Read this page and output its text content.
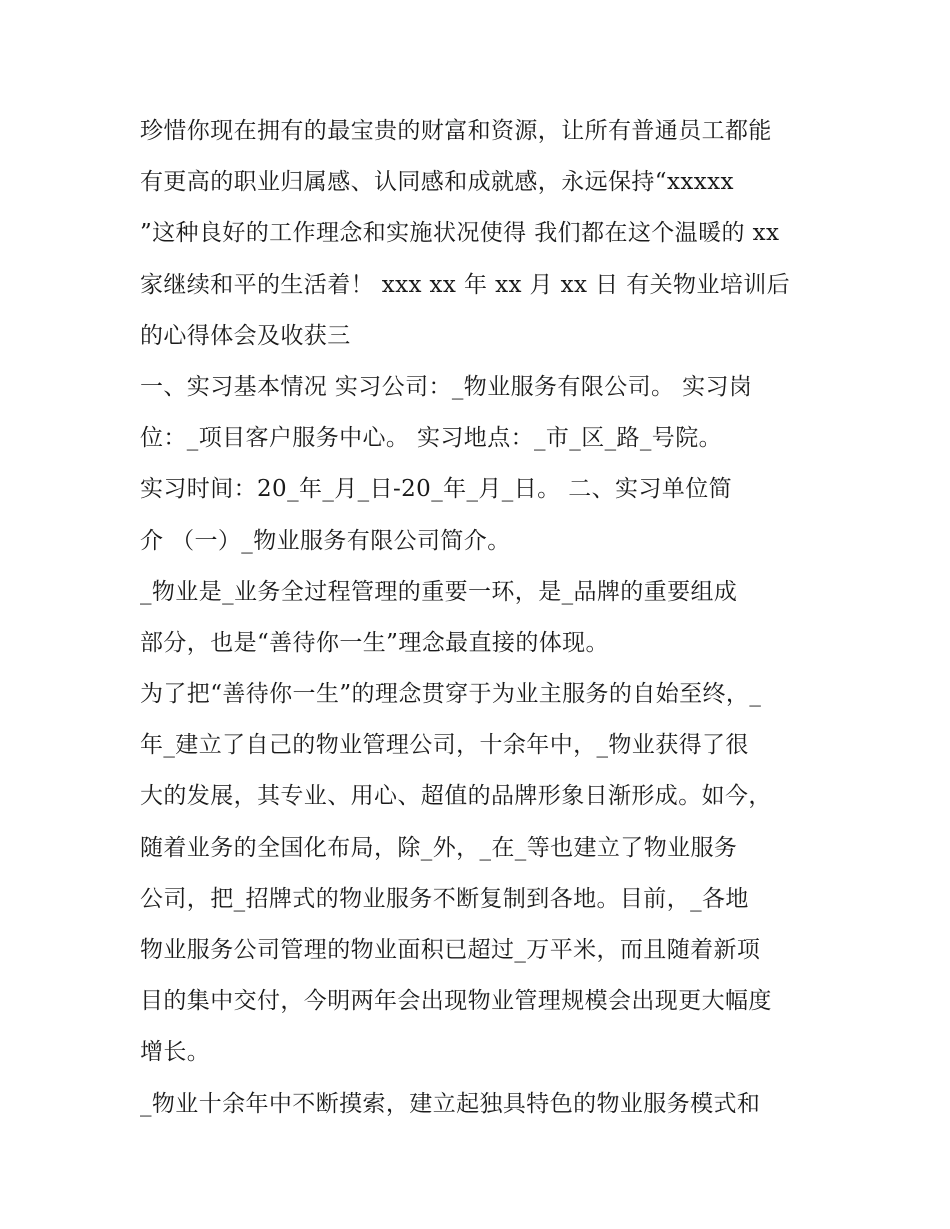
珍惜你现在拥有的最宝贵的财富和资源，让所有普通员工都能
有更高的职业归属感、认同感和成就感，永远保持“xxxxx
”这种良好的工作理念和实施状况使得 我们都在这个温暖的 xx
家继续和平的生活着！ xxx xx 年 xx 月 xx 日 有关物业培训后
的心得体会及收获三
一、实习基本情况 实习公司：_物业服务有限公司。 实习岗
位：_项目客户服务中心。 实习地点：_市_区_路_号院。
实习时间：20_年_月_日-20_年_月_日。 二、实习单位简
介 （一）_物业服务有限公司简介。
_物业是_业务全过程管理的重要一环，是_品牌的重要组成
部分，也是“善待你一生”理念最直接的体现。
为了把“善待你一生”的理念贯穿于为业主服务的自始至终，_
年_建立了自己的物业管理公司，十余年中，_物业获得了很
大的发展，其专业、用心、超值的品牌形象日渐形成。如今，
随着业务的全国化布局，除_外，_在_等也建立了物业服务
公司，把_招牌式的物业服务不断复制到各地。目前，_各地
物业服务公司管理的物业面积已超过_万平米，而且随着新项
目的集中交付，今明两年会出现物业管理规模会出现更大幅度
增长。
_物业十余年中不断摸索，建立起独具特色的物业服务模式和
